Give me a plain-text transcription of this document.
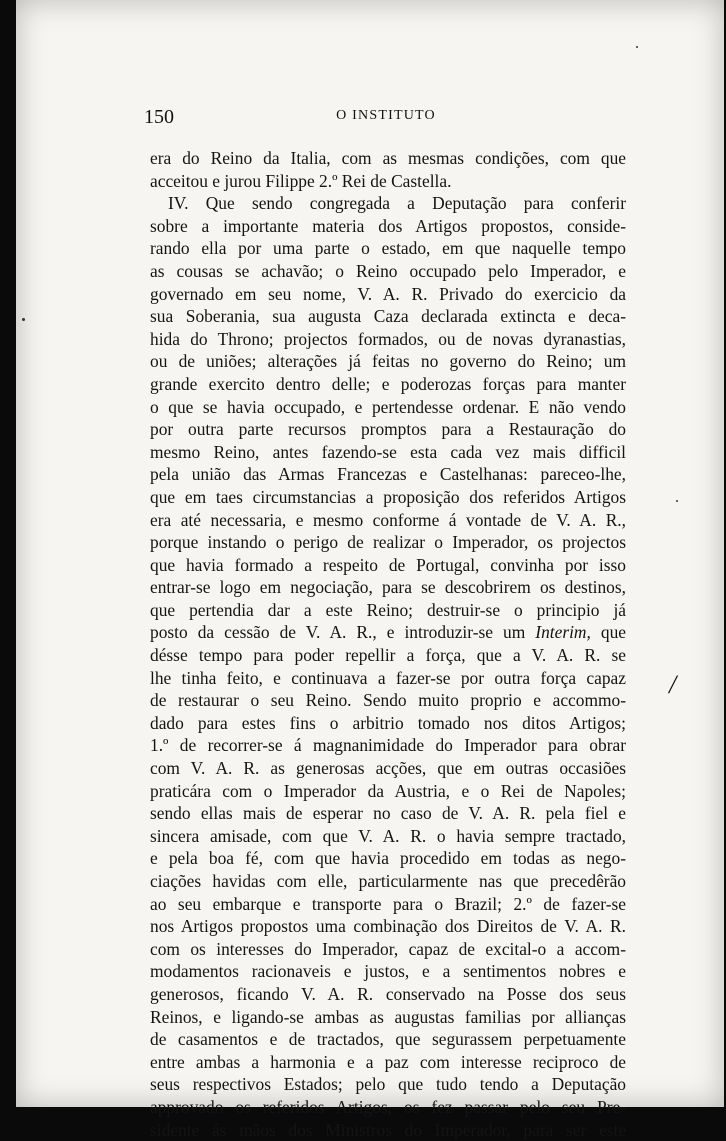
150	O INSTITUTO
era do Reino da Italia, com as mesmas condições, com que
acceitou e jurou Filippe 2.º Rei de Castella.
IV. Que sendo congregada a Deputação para conferir
sobre a importante materia dos Artigos propostos, conside-
rando ella por uma parte o estado, em que naquelle tempo
as cousas se achavão; o Reino occupado pelo Imperador, e
governado em seu nome, V. A. R. Privado do exercicio da
sua Soberania, sua augusta Caza declarada extincta e deca-
hida do Throno; projectos formados, ou de novas dyranastias,
ou de uniões; alterações já feitas no governo do Reino; um
grande exercito dentro delle; e poderozas forças para manter
o que se havia occupado, e pertendesse ordenar. E não vendo
por outra parte recursos promptos para a Restauração do
mesmo Reino, antes fazendo-se esta cada vez mais difficil
pela união das Armas Francezas e Castelhanas: pareceo-lhe,
que em taes circumstancias a proposição dos referidos Artigos
era até necessaria, e mesmo conforme á vontade de V. A. R.,
porque instando o perigo de realizar o Imperador, os projectos
que havia formado a respeito de Portugal, convinha por isso
entrar-se logo em negociação, para se descobrirem os destinos,
que pertendia dar a este Reino; destruir-se o principio já
posto da cessão de V. A. R., e introduzir-se um Interim, que
désse tempo para poder repellir a força, que a V. A. R. se
lhe tinha feito, e continuava a fazer-se por outra força capaz
de restaurar o seu Reino. Sendo muito proprio e accommo-
dado para estes fins o arbitrio tomado nos ditos Artigos;
1.º de recorrer-se á magnanimidade do Imperador para obrar
com V. A. R. as generosas acções, que em outras occasiões
praticára com o Imperador da Austria, e o Rei de Napoles;
sendo ellas mais de esperar no caso de V. A. R. pela fiel e
sincera amisade, com que V. A. R. o havia sempre tractado,
e pela boa fé, com que havia procedido em todas as nego-
ciações havidas com elle, particularmente nas que precedêrão
ao seu embarque e transporte para o Brazil; 2.º de fazer-se
nos Artigos propostos uma combinação dos Direitos de V. A. R.
com os interesses do Imperador, capaz de excital-o a accom-
modamentos racionaveis e justos, e a sentimentos nobres e
generosos, ficando V. A. R. conservado na Posse dos seus
Reinos, e ligando-se ambas as augustas familias por allianças
de casamentos e de tractados, que segurassem perpetuamente
entre ambas a harmonia e a paz com interesse reciproco de
seus respectivos Estados; pelo que tudo tendo a Deputação
approvado os referidos Artigos, os fez passar pelo seu Pre-
sidente ás mãos dos Ministros do Imperador, para ser este
/
